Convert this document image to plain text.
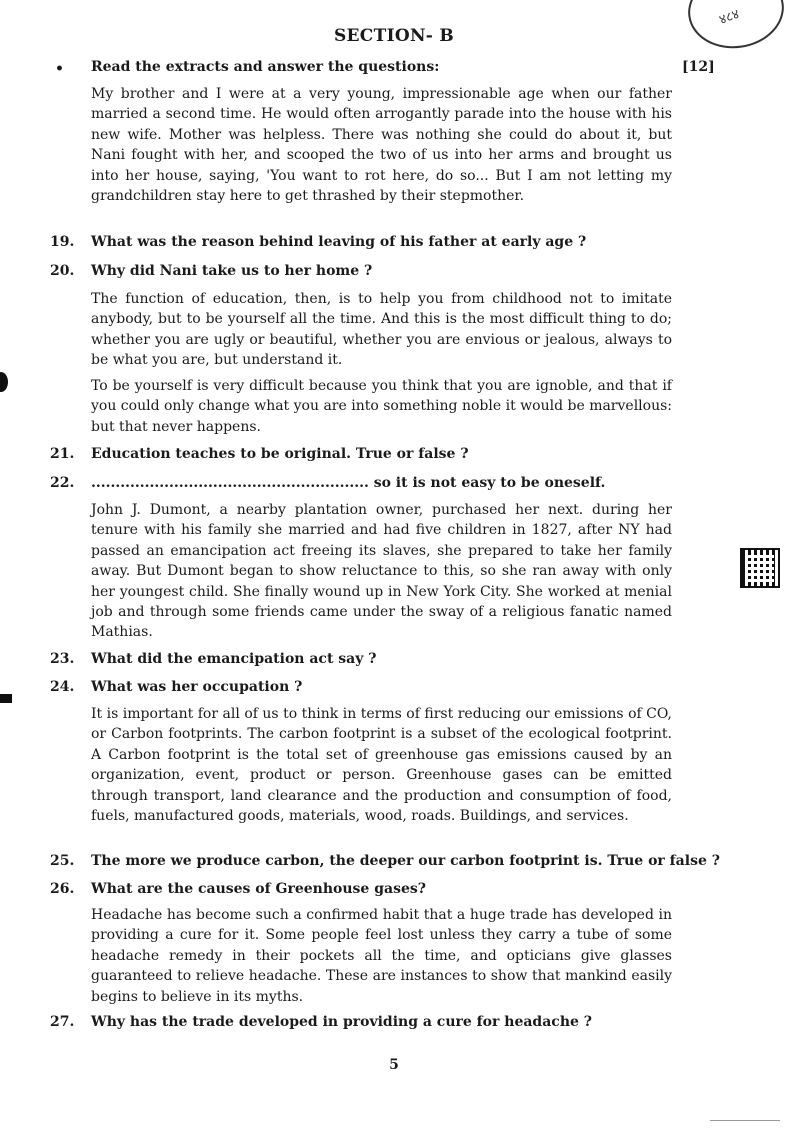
४८४
SECTION- B
• Read the extracts and answer the questions:	[12]
My brother and I were at a very young, impressionable age when our father married a second time. He would often arrogantly parade into the house with his new wife. Mother was helpless. There was nothing she could do about it, but Nani fought with her, and scooped the two of us into her arms and brought us into her house, saying, 'You want to rot here, do so... But I am not letting my grandchildren stay here to get thrashed by their stepmother.
19. What was the reason behind leaving of his father at early age ?
20. Why did Nani take us to her home ?
The function of education, then, is to help you from childhood not to imitate anybody, but to be yourself all the time. And this is the most difficult thing to do; whether you are ugly or beautiful, whether you are envious or jealous, always to be what you are, but understand it.
To be yourself is very difficult because you think that you are ignoble, and that if you could only change what you are into something noble it would be marvellous: but that never happens.
21. Education teaches to be original. True or false ?
22. ......................................................... so it is not easy to be oneself.
John J. Dumont, a nearby plantation owner, purchased her next. during her tenure with his family she married and had five children in 1827, after NY had passed an emancipation act freeing its slaves, she prepared to take her family away. But Dumont began to show reluctance to this, so she ran away with only her youngest child. She finally wound up in New York City. She worked at menial job and through some friends came under the sway of a religious fanatic named Mathias.
23. What did the emancipation act say ?
24. What was her occupation ?
It is important for all of us to think in terms of first reducing our emissions of CO, or Carbon footprints. The carbon footprint is a subset of the ecological footprint. A Carbon footprint is the total set of greenhouse gas emissions caused by an organization, event, product or person. Greenhouse gases can be emitted through transport, land clearance and the production and consumption of food, fuels, manufactured goods, materials, wood, roads. Buildings, and services.
25. The more we produce carbon, the deeper our carbon footprint is. True or false ?
26. What are the causes of Greenhouse gases?
Headache has become such a confirmed habit that a huge trade has developed in providing a cure for it. Some people feel lost unless they carry a tube of some headache remedy in their pockets all the time, and opticians give glasses guaranteed to relieve headache. These are instances to show that mankind easily begins to believe in its myths.
27. Why has the trade developed in providing a cure for headache ?
5
